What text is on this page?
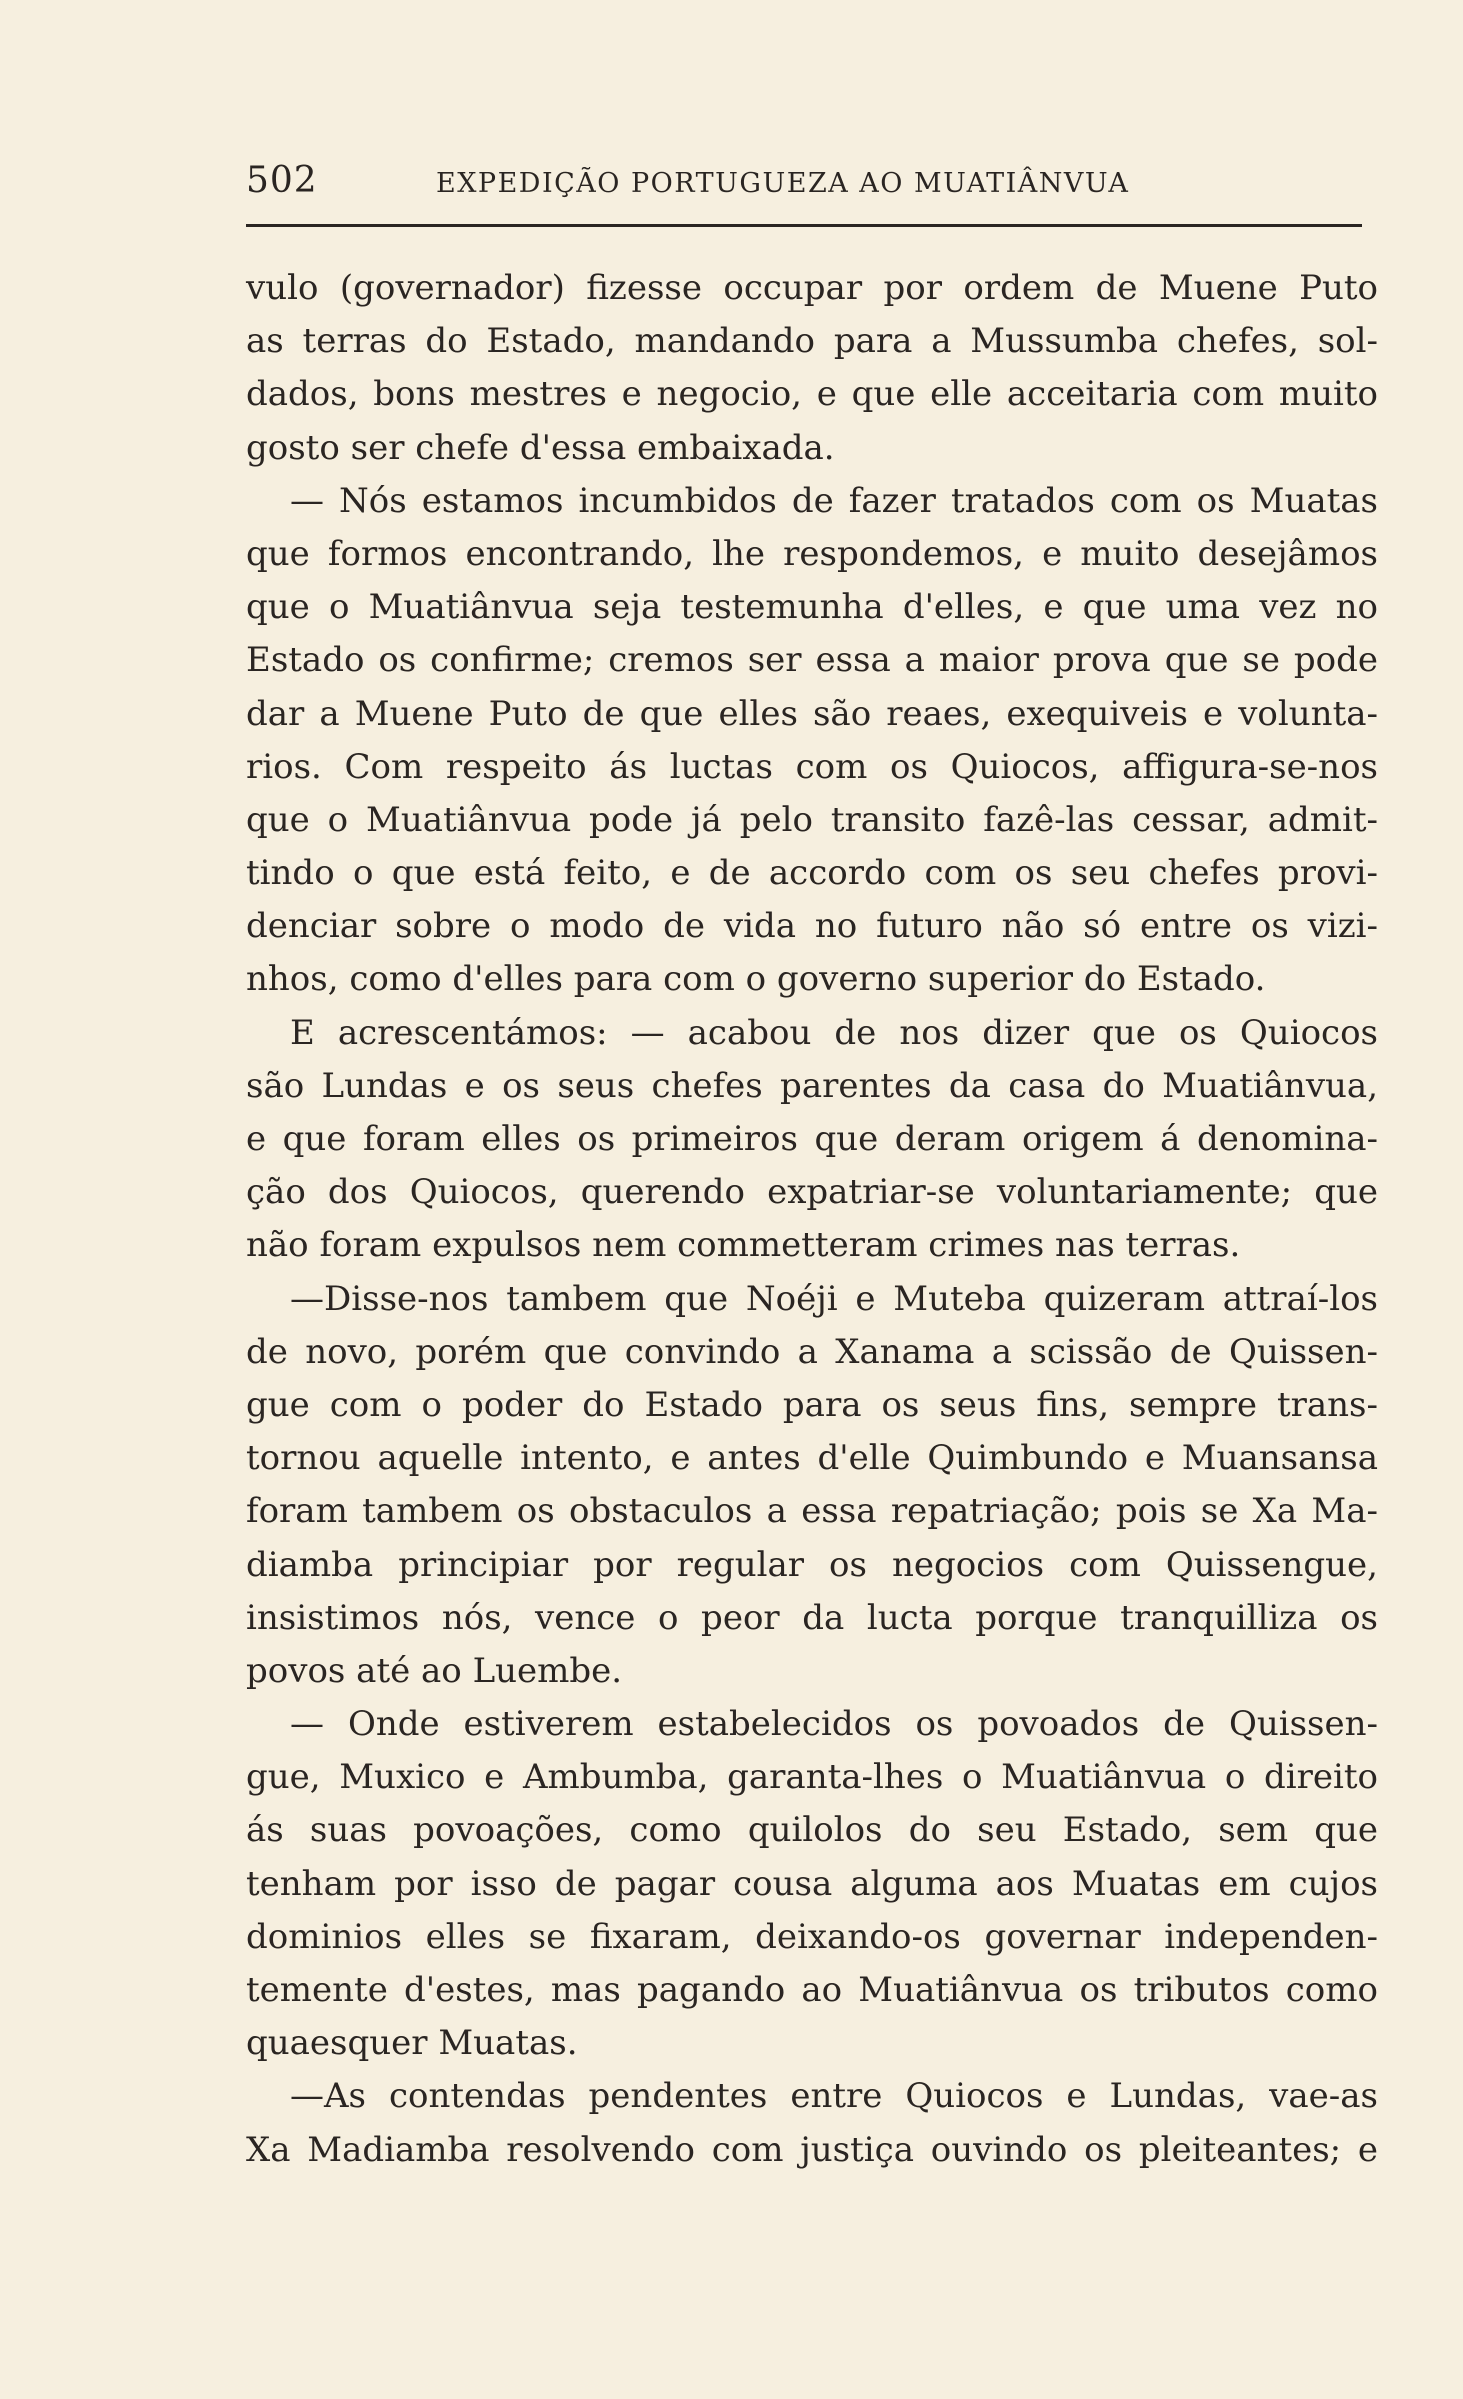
502	EXPEDIÇÃO PORTUGUEZA AO MUATIÂNVUA
vulo (governador) fizesse occupar por ordem de Muene Puto
as terras do Estado, mandando para a Mussumba chefes, sol-
dados, bons mestres e negocio, e que elle acceitaria com muito
gosto ser chefe d'essa embaixada.
— Nós estamos incumbidos de fazer tratados com os Muatas
que formos encontrando, lhe respondemos, e muito desejâmos
que o Muatiânvua seja testemunha d'elles, e que uma vez no
Estado os confirme; cremos ser essa a maior prova que se pode
dar a Muene Puto de que elles são reaes, exequiveis e volunta-
rios. Com respeito ás luctas com os Quiocos, affigura-se-nos
que o Muatiânvua pode já pelo transito fazê-las cessar, admit-
tindo o que está feito, e de accordo com os seu chefes provi-
denciar sobre o modo de vida no futuro não só entre os vizi-
nhos, como d'elles para com o governo superior do Estado.
E acrescentámos: — acabou de nos dizer que os Quiocos
são Lundas e os seus chefes parentes da casa do Muatiânvua,
e que foram elles os primeiros que deram origem á denomina-
ção dos Quiocos, querendo expatriar-se voluntariamente; que
não foram expulsos nem commetteram crimes nas terras.
—Disse-nos tambem que Noéji e Muteba quizeram attraí-los
de novo, porém que convindo a Xanama a scissão de Quissen-
gue com o poder do Estado para os seus fins, sempre trans-
tornou aquelle intento, e antes d'elle Quimbundo e Muansansa
foram tambem os obstaculos a essa repatriação; pois se Xa Ma-
diamba principiar por regular os negocios com Quissengue,
insistimos nós, vence o peor da lucta porque tranquilliza os
povos até ao Luembe.
— Onde estiverem estabelecidos os povoados de Quissen-
gue, Muxico e Ambumba, garanta-lhes o Muatiânvua o direito
ás suas povoações, como quilolos do seu Estado, sem que
tenham por isso de pagar cousa alguma aos Muatas em cujos
dominios elles se fixaram, deixando-os governar independen-
temente d'estes, mas pagando ao Muatiânvua os tributos como
quaesquer Muatas.
—As contendas pendentes entre Quiocos e Lundas, vae-as
Xa Madiamba resolvendo com justiça ouvindo os pleiteantes; e
